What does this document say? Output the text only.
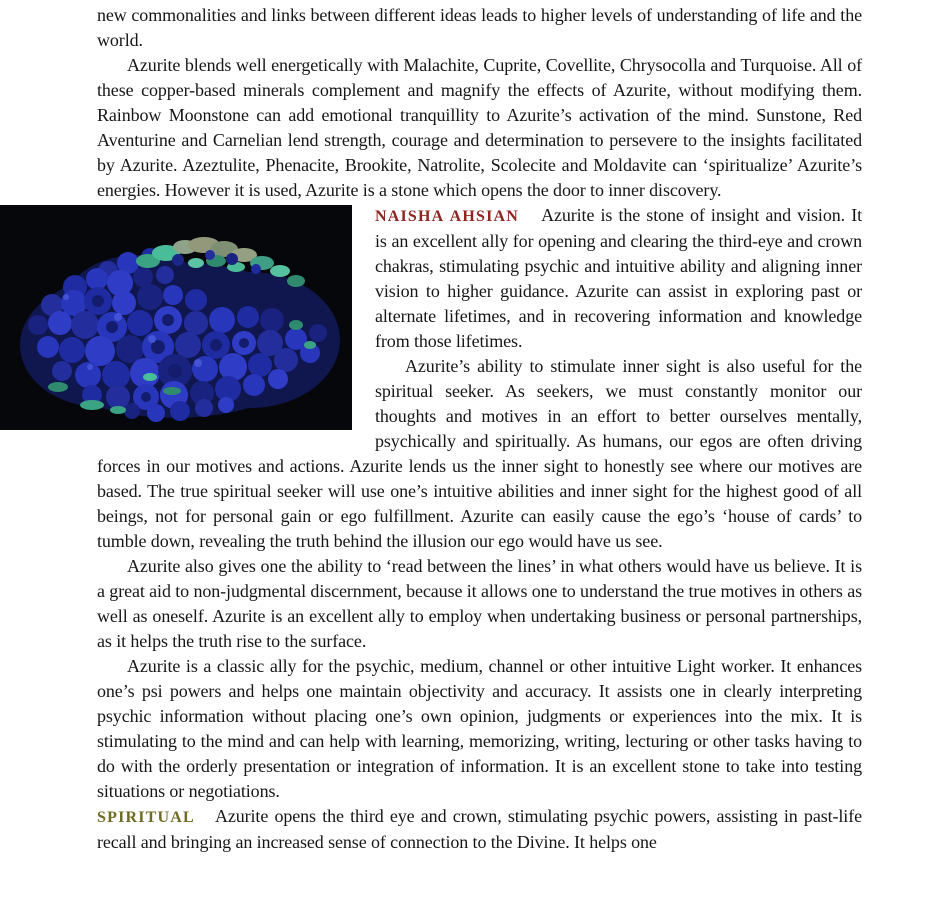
new commonalities and links between different ideas leads to higher levels of understanding of life and the world.

Azurite blends well energetically with Malachite, Cuprite, Covellite, Chrysocolla and Turquoise. All of these copper-based minerals complement and magnify the effects of Azurite, without modifying them. Rainbow Moonstone can add emotional tranquillity to Azurite’s activation of the mind. Sunstone, Red Aventurine and Carnelian lend strength, courage and determination to persevere to the insights facilitated by Azurite. Azeztulite, Phenacite, Brookite, Natrolite, Scolecite and Moldavite can ‘spiritualize’ Azurite’s energies. However it is used, Azurite is a stone which opens the door to inner discovery.

NAISHA AHSIAN Azurite is the stone of insight and vision. It is an excellent ally for opening and clearing the third-eye and crown chakras, stimulating psychic and intuitive ability and aligning inner vision to higher guidance. Azurite can assist in exploring past or alternate lifetimes, and in recovering information and knowledge from those lifetimes.

Azurite’s ability to stimulate inner sight is also useful for the spiritual seeker. As seekers, we must constantly monitor our thoughts and motives in an effort to better ourselves mentally, psychically and spiritually. As humans, our egos are often driving forces in our motives and actions. Azurite lends us the inner sight to honestly see where our motives are based. The true spiritual seeker will use one’s intuitive abilities and inner sight for the highest good of all beings, not for personal gain or ego fulfillment. Azurite can easily cause the ego’s ‘house of cards’ to tumble down, revealing the truth behind the illusion our ego would have us see.

Azurite also gives one the ability to ‘read between the lines’ in what others would have us believe. It is a great aid to non-judgmental discernment, because it allows one to understand the true motives in others as well as oneself. Azurite is an excellent ally to employ when undertaking business or personal partnerships, as it helps the truth rise to the surface.

Azurite is a classic ally for the psychic, medium, channel or other intuitive Light worker. It enhances one’s psi powers and helps one maintain objectivity and accuracy. It assists one in clearly interpreting psychic information without placing one’s own opinion, judgments or experiences into the mix. It is stimulating to the mind and can help with learning, memorizing, writing, lecturing or other tasks having to do with the orderly presentation or integration of information. It is an excellent stone to take into testing situations or negotiations.

SPIRITUAL Azurite opens the third eye and crown, stimulating psychic powers, assisting in past-life recall and bringing an increased sense of connection to the Divine. It helps one
